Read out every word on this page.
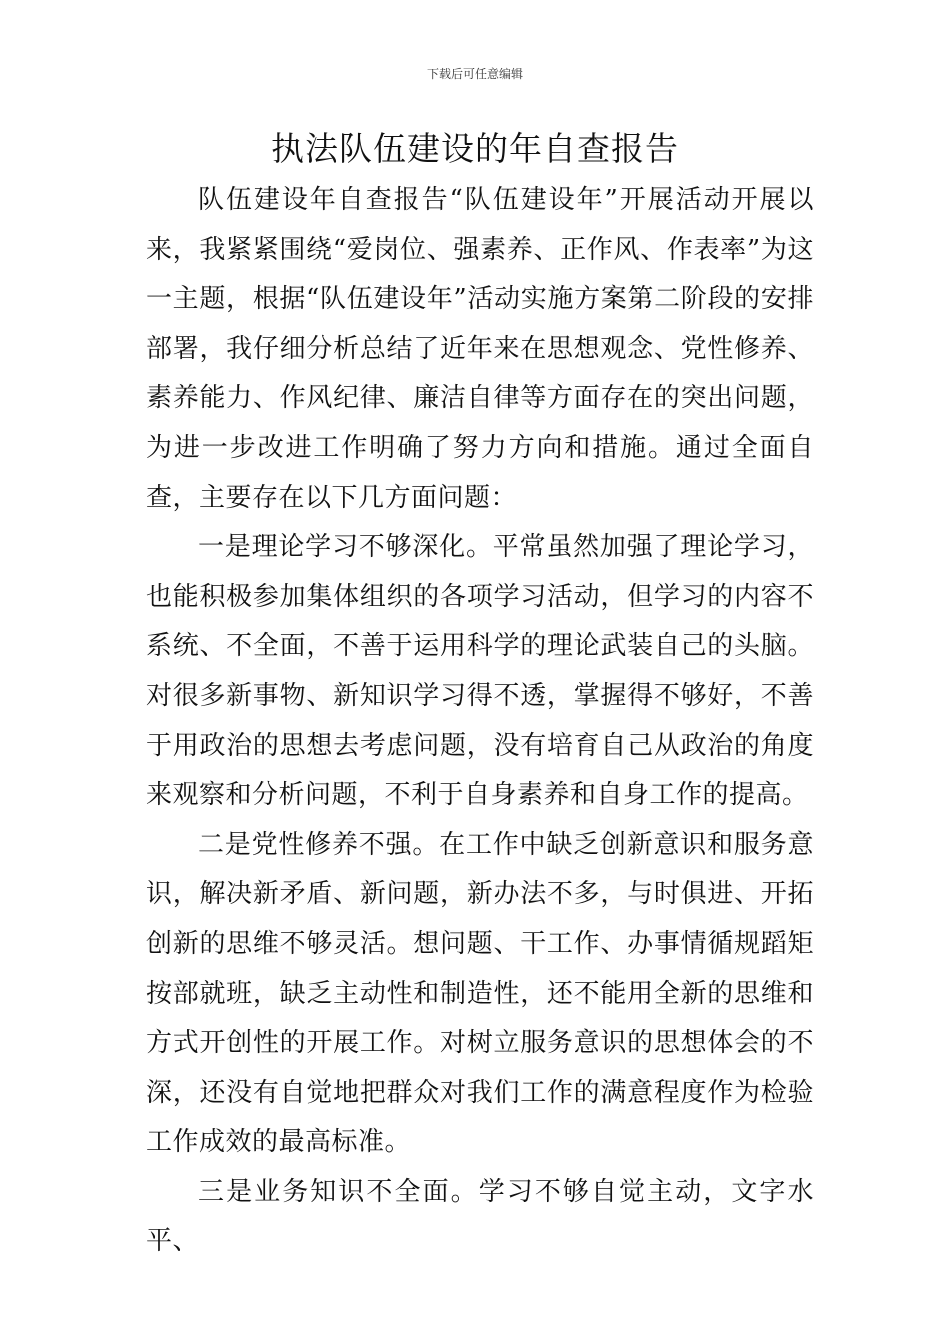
下载后可任意编辑
执法队伍建设的年自查报告

队伍建设年自查报告“队伍建设年”开展活动开展以来，我紧紧围绕“爱岗位、强素养、正作风、作表率”为这一主题，根据“队伍建设年”活动实施方案第二阶段的安排部署，我仔细分析总结了近年来在思想观念、党性修养、素养能力、作风纪律、廉洁自律等方面存在的突出问题，为进一步改进工作明确了努力方向和措施。通过全面自查，主要存在以下几方面问题：

一是理论学习不够深化。平常虽然加强了理论学习，也能积极参加集体组织的各项学习活动，但学习的内容不系统、不全面，不善于运用科学的理论武装自己的头脑。对很多新事物、新知识学习得不透，掌握得不够好，不善于用政治的思想去考虑问题，没有培育自己从政治的角度来观察和分析问题，不利于自身素养和自身工作的提高。

二是党性修养不强。在工作中缺乏创新意识和服务意识，解决新矛盾、新问题，新办法不多，与时俱进、开拓创新的思维不够灵活。想问题、干工作、办事情循规蹈矩按部就班，缺乏主动性和制造性，还不能用全新的思维和方式开创性的开展工作。对树立服务意识的思想体会的不深，还没有自觉地把群众对我们工作的满意程度作为检验工作成效的最高标准。

三是业务知识不全面。学习不够自觉主动，文字水平、
